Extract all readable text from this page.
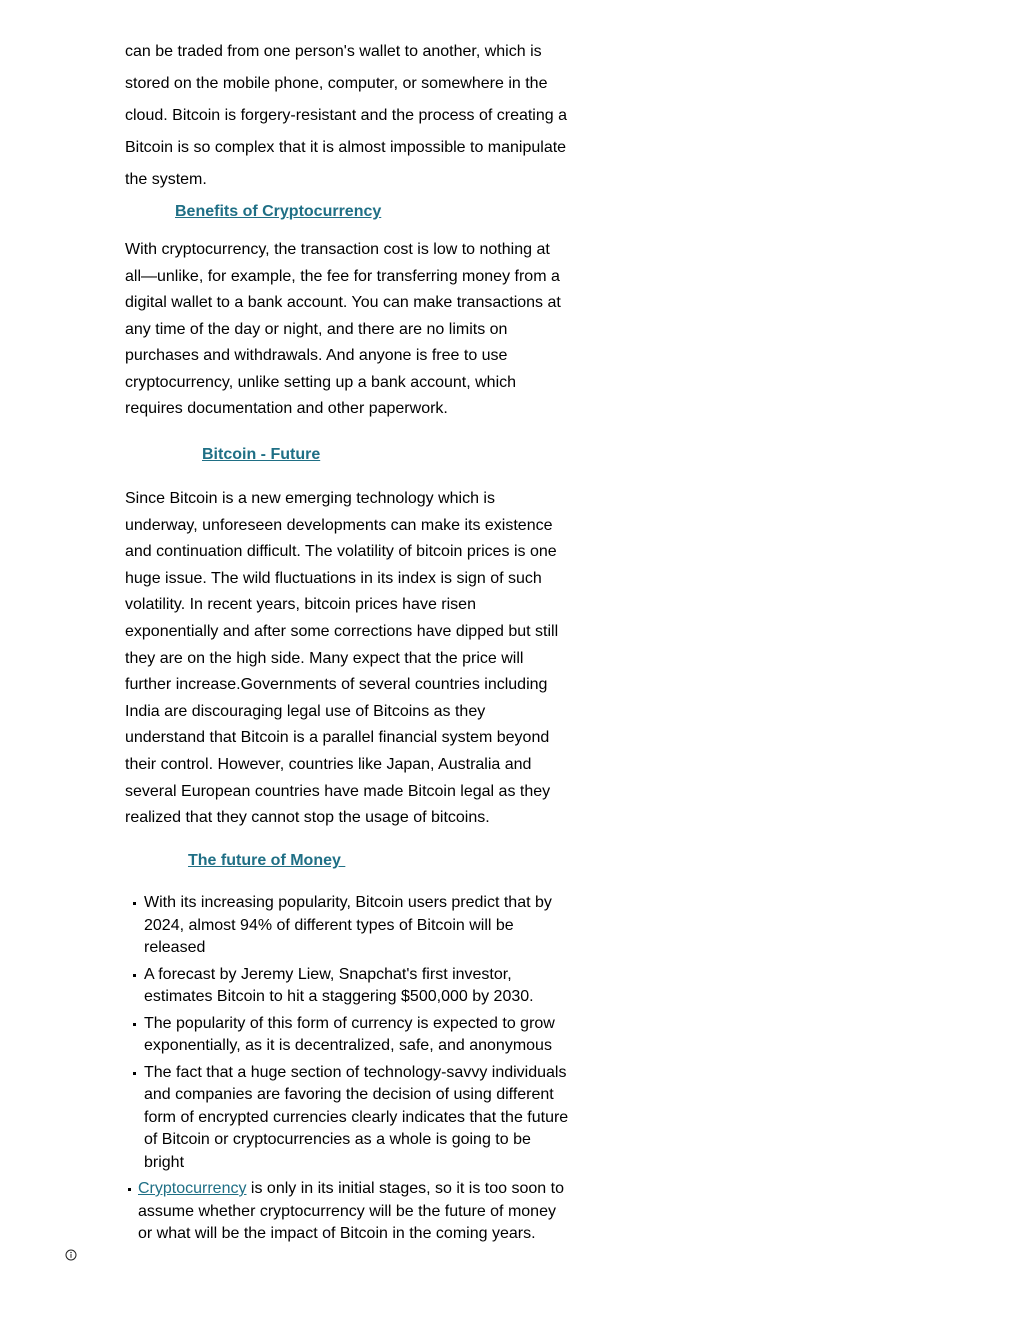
can be traded from one person's wallet to another, which is stored on the mobile phone, computer, or somewhere in the cloud. Bitcoin is forgery-resistant and the process of creating a Bitcoin is so complex that it is almost impossible to manipulate the system.

Benefits of Cryptocurrency

With cryptocurrency, the transaction cost is low to nothing at all—unlike, for example, the fee for transferring money from a digital wallet to a bank account. You can make transactions at any time of the day or night, and there are no limits on purchases and withdrawals. And anyone is free to use cryptocurrency, unlike setting up a bank account, which requires documentation and other paperwork.

Bitcoin - Future

Since Bitcoin is a new emerging technology which is underway, unforeseen developments can make its existence and continuation difficult. The volatility of bitcoin prices is one huge issue. The wild fluctuations in its index is sign of such volatility. In recent years, bitcoin prices have risen exponentially and after some corrections have dipped but still they are on the high side. Many expect that the price will further increase.Governments of several countries including India are discouraging legal use of Bitcoins as they understand that Bitcoin is a parallel financial system beyond their control. However, countries like Japan, Australia and several European countries have made Bitcoin legal as they realized that they cannot stop the usage of bitcoins.

The future of Money
With its increasing popularity, Bitcoin users predict that by 2024, almost 94% of different types of Bitcoin will be released
A forecast by Jeremy Liew, Snapchat's first investor, estimates Bitcoin to hit a staggering $500,000 by 2030.
The popularity of this form of currency is expected to grow exponentially, as it is decentralized, safe, and anonymous
The fact that a huge section of technology-savvy individuals and companies are favoring the decision of using different form of encrypted currencies clearly indicates that the future of Bitcoin or cryptocurrencies as a whole is going to be bright
Cryptocurrency is only in its initial stages, so it is too soon to assume whether cryptocurrency will be the future of money or what will be the impact of Bitcoin in the coming years.
